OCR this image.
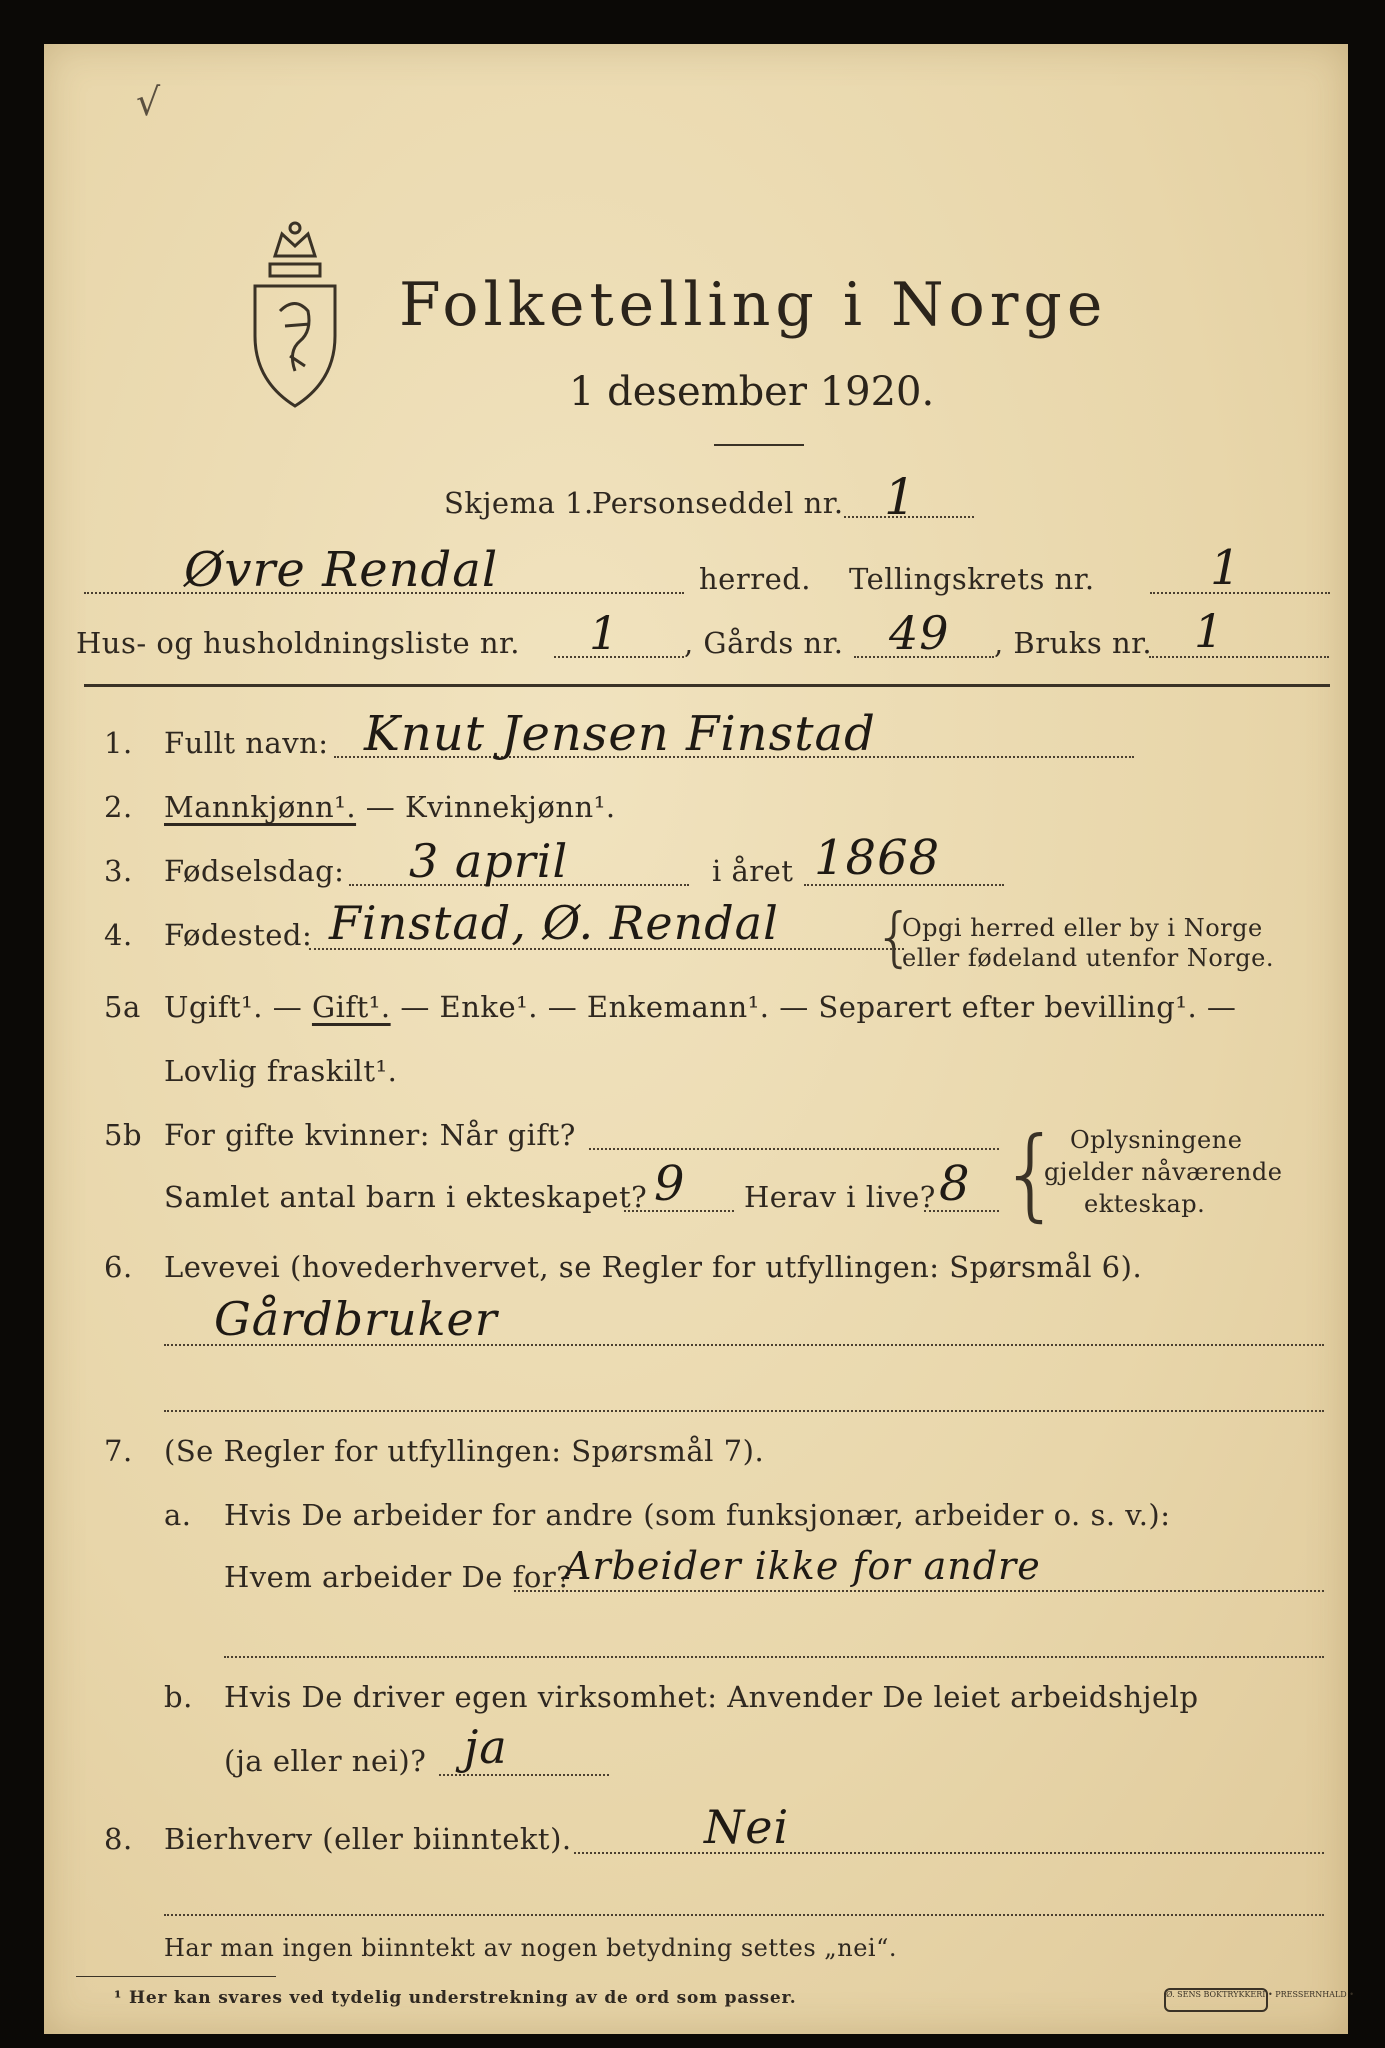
√
Folketelling i Norge
1 desember 1920.
Skjema 1.
Personseddel nr. 1
Øvre Rendal	herred. Tellingskrets nr. 1
Hus- og husholdningsliste nr. 1 , Gårds nr. 49 , Bruks nr. 1
1. Fullt navn: Knut Jensen Finstad
2. Mannkjønn¹. — Kvinnekjønn¹.
3. Fødselsdag: 3 april	i året 1868
4. Fødested: Finstad, Ø. Rendal {
Opgi herred eller by i Norge
eller fødeland utenfor Norge.
5a Ugift¹. — Gift¹. — Enke¹. — Enkemann¹. — Separert efter bevilling¹. —
Lovlig fraskilt¹.
5b For gifte kvinner: Når gift?
Samlet antal barn i ekteskapet? 9 Herav i live? 8 { Oplysningene
gjelder nåværende
ekteskap.
6. Levevei (hovederhvervet, se Regler for utfyllingen: Spørsmål 6).
Gårdbruker
7. (Se Regler for utfyllingen: Spørsmål 7).
a. Hvis De arbeider for andre (som funksjonær, arbeider o. s. v.):
Hvem arbeider De for?
Arbeider ikke for andre
b. Hvis De driver egen virksomhet: Anvender De leiet arbeidshjelp
(ja eller nei)? ja
8. Bierhverv (eller biinntekt).	Nei
Har man ingen biinntekt av nogen betydning settes „nei“.
¹ Her kan svares ved tydelig understrekning av de ord som passer.	Ø. SENS BOKTRYKKERI • PRESSERNHALD •
